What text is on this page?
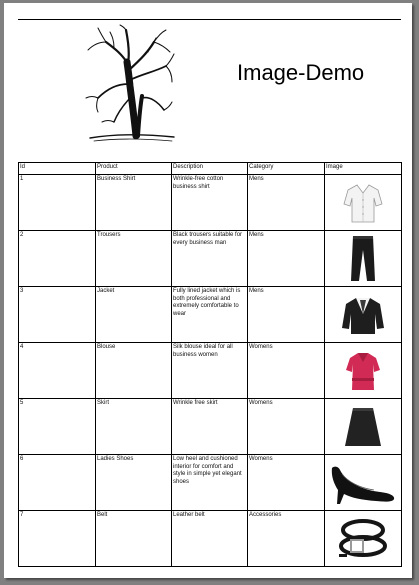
Image-Demo
Id	Product	Description	Category	Image
1	Business Shirt	Wrinkle-free cotton business shirt	Mens	

2	Trousers	Black trousers suitable for every business man	Mens	

3	Jacket	Fully lined jacket which is both professional and extremely comfortable to wear	Mens	

4	Blouse	Silk blouse ideal for all business women	Womens	

5	Skirt	Wrinkle free skirt	Womens	

6	Ladies Shoes	Low heel and cushioned interior for comfort and style in simple yet elegant shoes	Womens	

7	Belt	Leather belt	Accessories	
